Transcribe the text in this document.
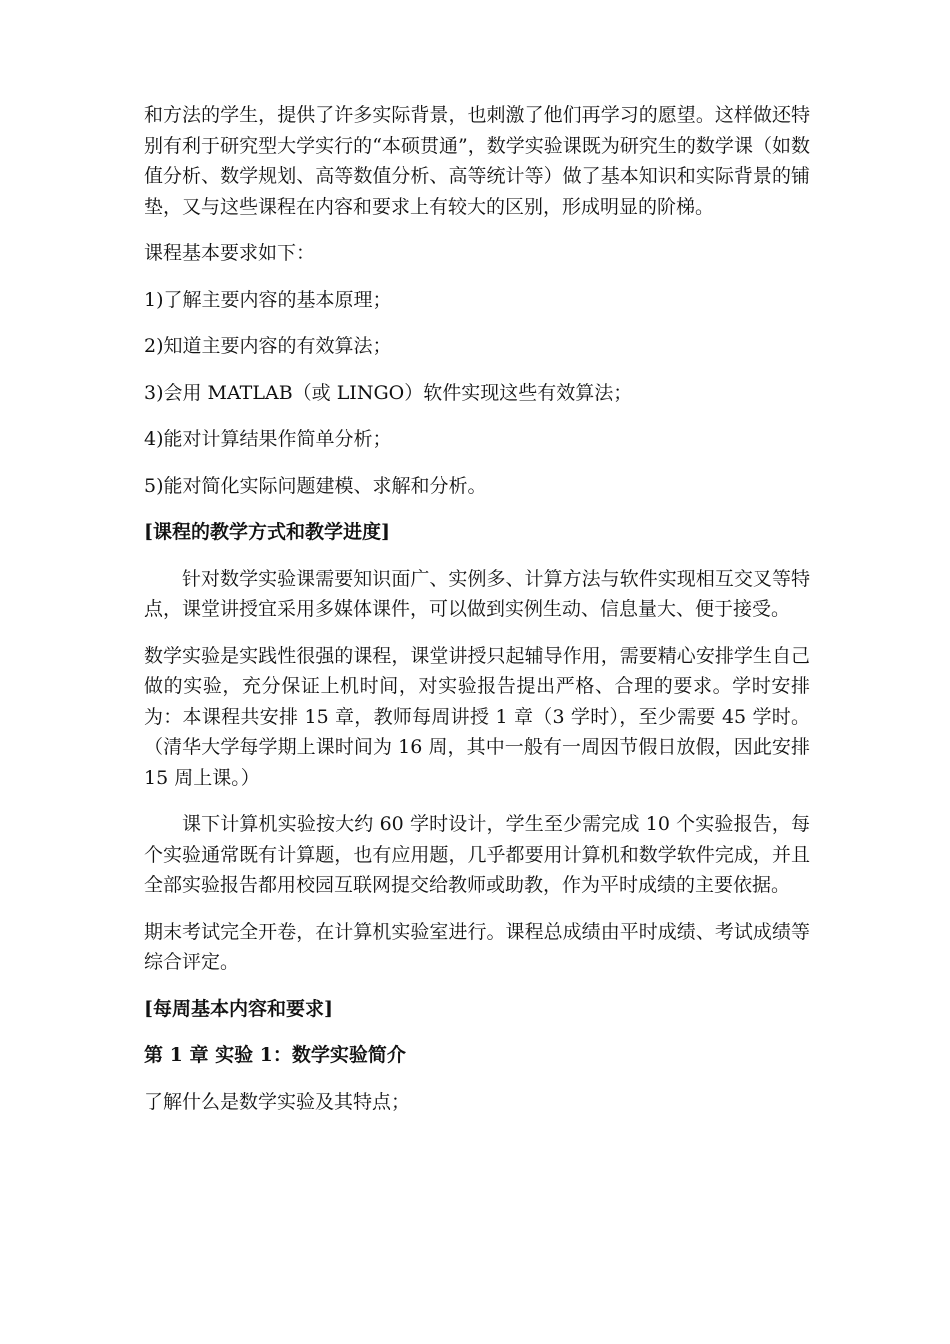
和方法的学生，提供了许多实际背景，也刺激了他们再学习的愿望。这样做还特别有利于研究型大学实行的“本硕贯通”，数学实验课既为研究生的数学课（如数值分析、数学规划、高等数值分析、高等统计等）做了基本知识和实际背景的铺垫，又与这些课程在内容和要求上有较大的区别，形成明显的阶梯。

课程基本要求如下：

1)了解主要内容的基本原理；

2)知道主要内容的有效算法；

3)会用 MATLAB（或 LINGO）软件实现这些有效算法；

4)能对计算结果作简单分析；

5)能对简化实际问题建模、求解和分析。

[课程的教学方式和教学进度]

针对数学实验课需要知识面广、实例多、计算方法与软件实现相互交叉等特点，课堂讲授宜采用多媒体课件，可以做到实例生动、信息量大、便于接受。

数学实验是实践性很强的课程，课堂讲授只起辅导作用，需要精心安排学生自己做的实验，充分保证上机时间，对实验报告提出严格、合理的要求。学时安排为：本课程共安排 15 章，教师每周讲授 1 章（3 学时），至少需要 45 学时。（清华大学每学期上课时间为 16 周，其中一般有一周因节假日放假，因此安排 15 周上课。）

课下计算机实验按大约 60 学时设计，学生至少需完成 10 个实验报告，每个实验通常既有计算题，也有应用题，几乎都要用计算机和数学软件完成，并且全部实验报告都用校园互联网提交给教师或助教，作为平时成绩的主要依据。

期末考试完全开卷，在计算机实验室进行。课程总成绩由平时成绩、考试成绩等综合评定。

[每周基本内容和要求]

第 1 章 实验 1：数学实验简介

了解什么是数学实验及其特点；
